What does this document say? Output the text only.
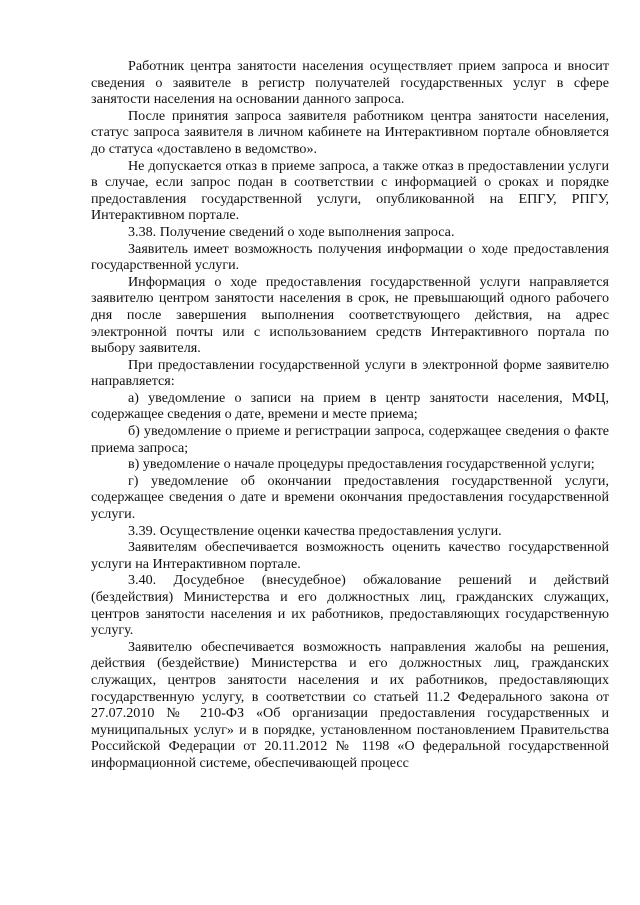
Работник центра занятости населения осуществляет прием запроса и вносит сведения о заявителе в регистр получателей государственных услуг в сфере занятости населения на основании данного запроса.

После принятия запроса заявителя работником центра занятости населения, статус запроса заявителя в личном кабинете на Интерактивном портале обновляется до статуса «доставлено в ведомство».

Не допускается отказ в приеме запроса, а также отказ в предоставлении услуги в случае, если запрос подан в соответствии с информацией о сроках и порядке предоставления государственной услуги, опубликованной на ЕПГУ, РПГУ, Интерактивном портале.

3.38. Получение сведений о ходе выполнения запроса.

Заявитель имеет возможность получения информации о ходе предоставления государственной услуги.

Информация о ходе предоставления государственной услуги направляется заявителю центром занятости населения в срок, не превышающий одного рабочего дня после завершения выполнения соответствующего действия, на адрес электронной почты или с использованием средств Интерактивного портала по выбору заявителя.

При предоставлении государственной услуги в электронной форме заявителю направляется:

а) уведомление о записи на прием в центр занятости населения, МФЦ, содержащее сведения о дате, времени и месте приема;

б) уведомление о приеме и регистрации запроса, содержащее сведения о факте приема запроса;

в) уведомление о начале процедуры предоставления государственной услуги;

г) уведомление об окончании предоставления государственной услуги, содержащее сведения о дате и времени окончания предоставления государственной услуги.

3.39. Осуществление оценки качества предоставления услуги.

Заявителям обеспечивается возможность оценить качество государственной услуги на Интерактивном портале.

3.40. Досудебное (внесудебное) обжалование решений и действий (бездействия) Министерства и его должностных лиц, гражданских служащих, центров занятости населения и их работников, предоставляющих государственную услугу.

Заявителю обеспечивается возможность направления жалобы на решения, действия (бездействие) Министерства и его должностных лиц, гражданских служащих, центров занятости населения и их работников, предоставляющих государственную услугу, в соответствии со статьей 11.2 Федерального закона от 27.07.2010 № 210-ФЗ «Об организации предоставления государственных и муниципальных услуг» и в порядке, установленном постановлением Правительства Российской Федерации от 20.11.2012 № 1198 «О федеральной государственной информационной системе, обеспечивающей процесс
